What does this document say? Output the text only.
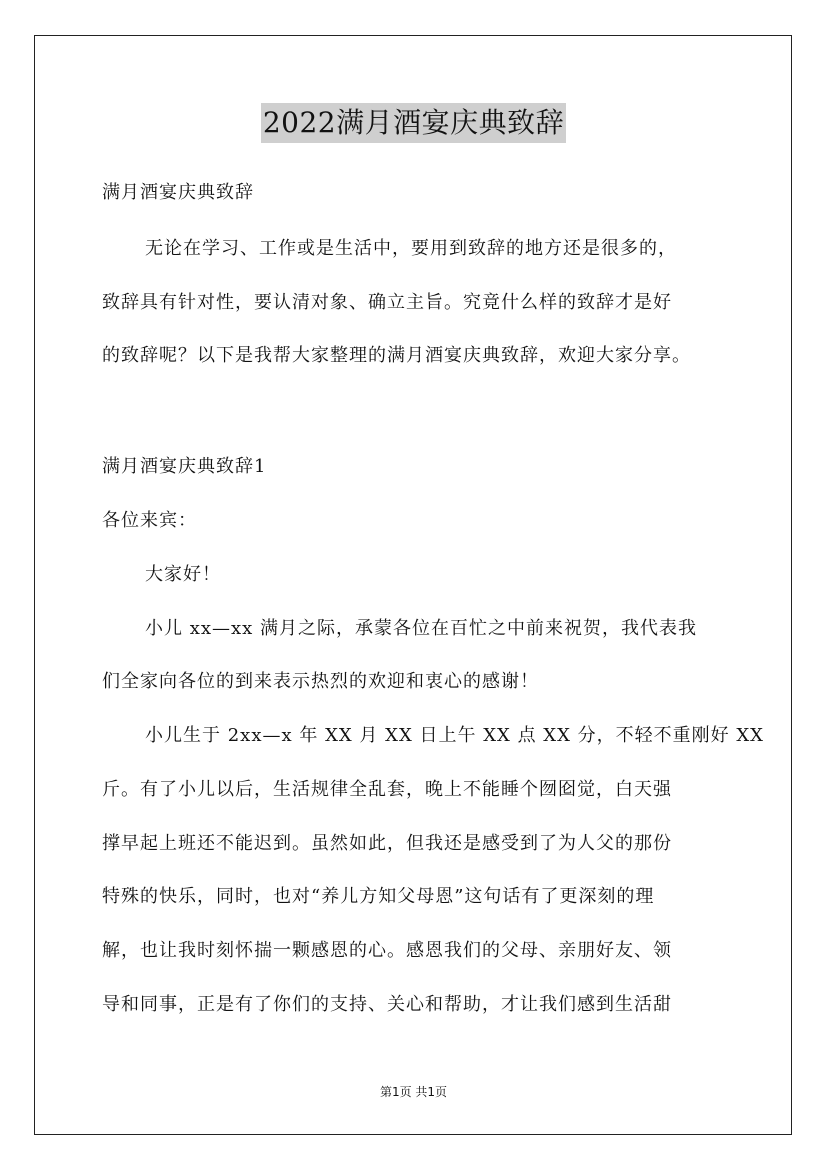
2022满月酒宴庆典致辞
满月酒宴庆典致辞
无论在学习、工作或是生活中，要用到致辞的地方还是很多的，
致辞具有针对性，要认清对象、确立主旨。究竟什么样的致辞才是好
的致辞呢？以下是我帮大家整理的满月酒宴庆典致辞，欢迎大家分享。
满月酒宴庆典致辞1
各位来宾：
大家好！
小儿 xx—xx 满月之际，承蒙各位在百忙之中前来祝贺，我代表我
们全家向各位的到来表示热烈的欢迎和衷心的感谢！
小儿生于 2xx—x 年 XX 月 XX 日上午 XX 点 XX 分，不轻不重刚好 XX
斤。有了小儿以后，生活规律全乱套，晚上不能睡个囫囵觉，白天强
撑早起上班还不能迟到。虽然如此，但我还是感受到了为人父的那份
特殊的快乐，同时，也对“养儿方知父母恩”这句话有了更深刻的理
解，也让我时刻怀揣一颗感恩的心。感恩我们的父母、亲朋好友、领
导和同事，正是有了你们的支持、关心和帮助，才让我们感到生活甜
第1页 共1页
